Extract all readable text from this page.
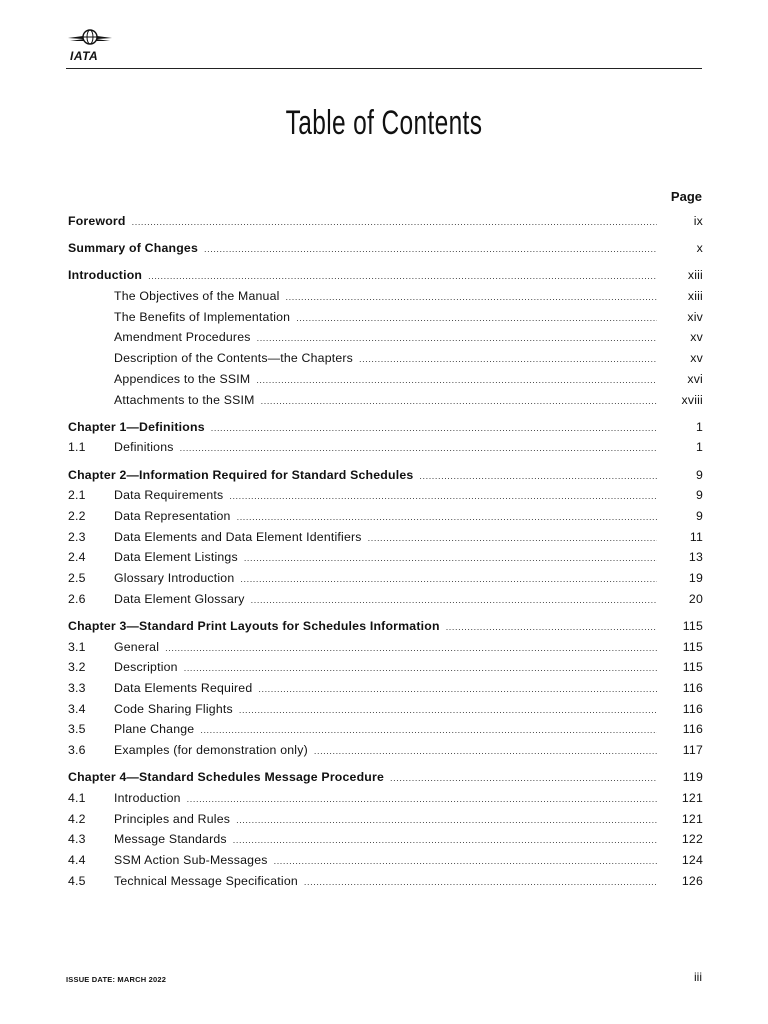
IATA
Table of Contents
Page
Foreword .....	ix
Summary of Changes .....	x
Introduction .....	xiii
The Objectives of the Manual .....	xiii
The Benefits of Implementation .....	xiv
Amendment Procedures .....	xv
Description of the Contents—the Chapters .....	xv
Appendices to the SSIM .....	xvi
Attachments to the SSIM .....	xviii
Chapter 1—Definitions .....	1
1.1	Definitions .....	1
Chapter 2—Information Required for Standard Schedules .....	9
2.1	Data Requirements .....	9
2.2	Data Representation .....	9
2.3	Data Elements and Data Element Identifiers .....	11
2.4	Data Element Listings .....	13
2.5	Glossary Introduction .....	19
2.6	Data Element Glossary .....	20
Chapter 3—Standard Print Layouts for Schedules Information .....	115
3.1	General .....	115
3.2	Description .....	115
3.3	Data Elements Required .....	116
3.4	Code Sharing Flights .....	116
3.5	Plane Change .....	116
3.6	Examples (for demonstration only) .....	117
Chapter 4—Standard Schedules Message Procedure .....	119
4.1	Introduction .....	121
4.2	Principles and Rules .....	121
4.3	Message Standards .....	122
4.4	SSM Action Sub-Messages .....	124
4.5	Technical Message Specification .....	126
ISSUE DATE: MARCH 2022	iii
